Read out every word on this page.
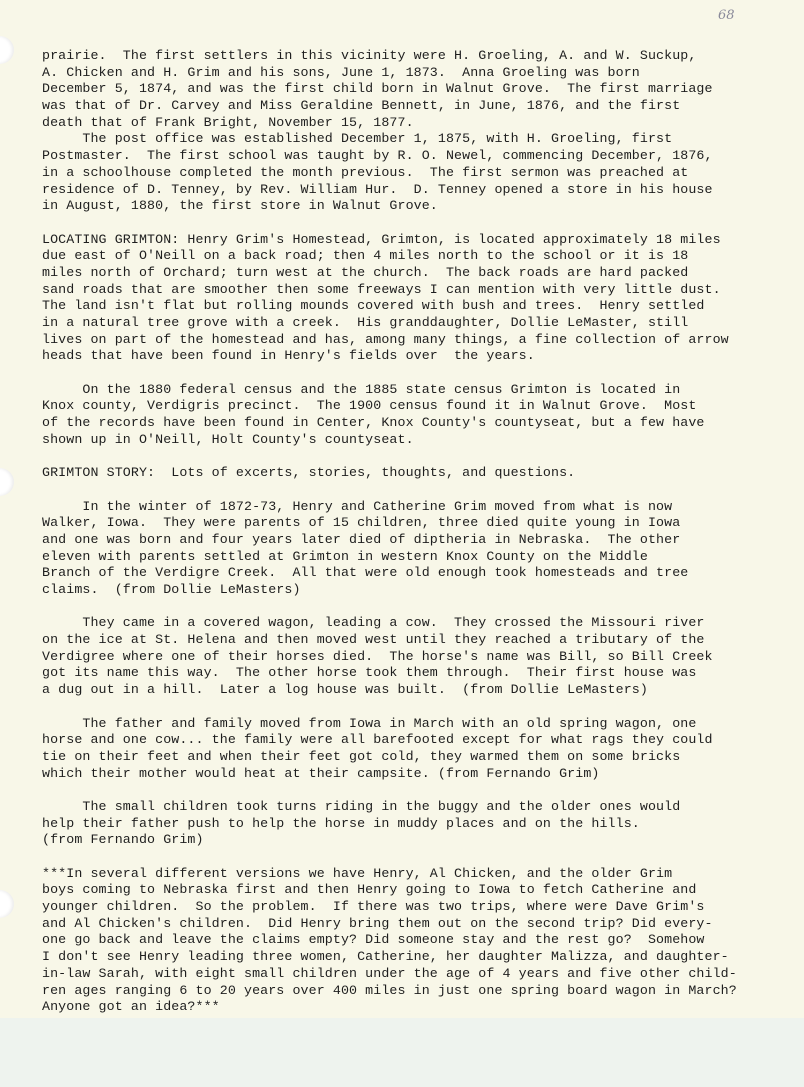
68
prairie.  The first settlers in this vicinity were H. Groeling, A. and W. Suckup,
A. Chicken and H. Grim and his sons, June 1, 1873.  Anna Groeling was born
December 5, 1874, and was the first child born in Walnut Grove.  The first marriage
was that of Dr. Carvey and Miss Geraldine Bennett, in June, 1876, and the first
death that of Frank Bright, November 15, 1877.
The post office was established December 1, 1875, with H. Groeling, first
Postmaster.  The first school was taught by R. O. Newel, commencing December, 1876,
in a schoolhouse completed the month previous.  The first sermon was preached at
residence of D. Tenney, by Rev. William Hur.  D. Tenney opened a store in his house
in August, 1880, the first store in Walnut Grove.
LOCATING GRIMTON: Henry Grim's Homestead, Grimton, is located approximately 18 miles
due east of O'Neill on a back road; then 4 miles north to the school or it is 18
miles north of Orchard; turn west at the church.  The back roads are hard packed
sand roads that are smoother then some freeways I can mention with very little dust.
The land isn't flat but rolling mounds covered with bush and trees.  Henry settled
in a natural tree grove with a creek.  His granddaughter, Dollie LeMaster, still
lives on part of the homestead and has, among many things, a fine collection of arrow
heads that have been found in Henry's fields over  the years.
On the 1880 federal census and the 1885 state census Grimton is located in
Knox county, Verdigris precinct.  The 1900 census found it in Walnut Grove.  Most
of the records have been found in Center, Knox County's countyseat, but a few have
shown up in O'Neill, Holt County's countyseat.
GRIMTON STORY:  Lots of excerts, stories, thoughts, and questions.
In the winter of 1872-73, Henry and Catherine Grim moved from what is now
Walker, Iowa.  They were parents of 15 children, three died quite young in Iowa
and one was born and four years later died of diptheria in Nebraska.  The other
eleven with parents settled at Grimton in western Knox County on the Middle
Branch of the Verdigre Creek.  All that were old enough took homesteads and tree
claims.  (from Dollie LeMasters)
They came in a covered wagon, leading a cow.  They crossed the Missouri river
on the ice at St. Helena and then moved west until they reached a tributary of the
Verdigree where one of their horses died.  The horse's name was Bill, so Bill Creek
got its name this way.  The other horse took them through.  Their first house was
a dug out in a hill.  Later a log house was built.  (from Dollie LeMasters)
The father and family moved from Iowa in March with an old spring wagon, one
horse and one cow... the family were all barefooted except for what rags they could
tie on their feet and when their feet got cold, they warmed them on some bricks
which their mother would heat at their campsite. (from Fernando Grim)
The small children took turns riding in the buggy and the older ones would
help their father push to help the horse in muddy places and on the hills.
(from Fernando Grim)
***In several different versions we have Henry, Al Chicken, and the older Grim
boys coming to Nebraska first and then Henry going to Iowa to fetch Catherine and
younger children.  So the problem.  If there was two trips, where were Dave Grim's
and Al Chicken's children.  Did Henry bring them out on the second trip? Did every-
one go back and leave the claims empty? Did someone stay and the rest go?  Somehow
I don't see Henry leading three women, Catherine, her daughter Malizza, and daughter-
in-law Sarah, with eight small children under the age of 4 years and five other child-
ren ages ranging 6 to 20 years over 400 miles in just one spring board wagon in March?
Anyone got an idea?***
